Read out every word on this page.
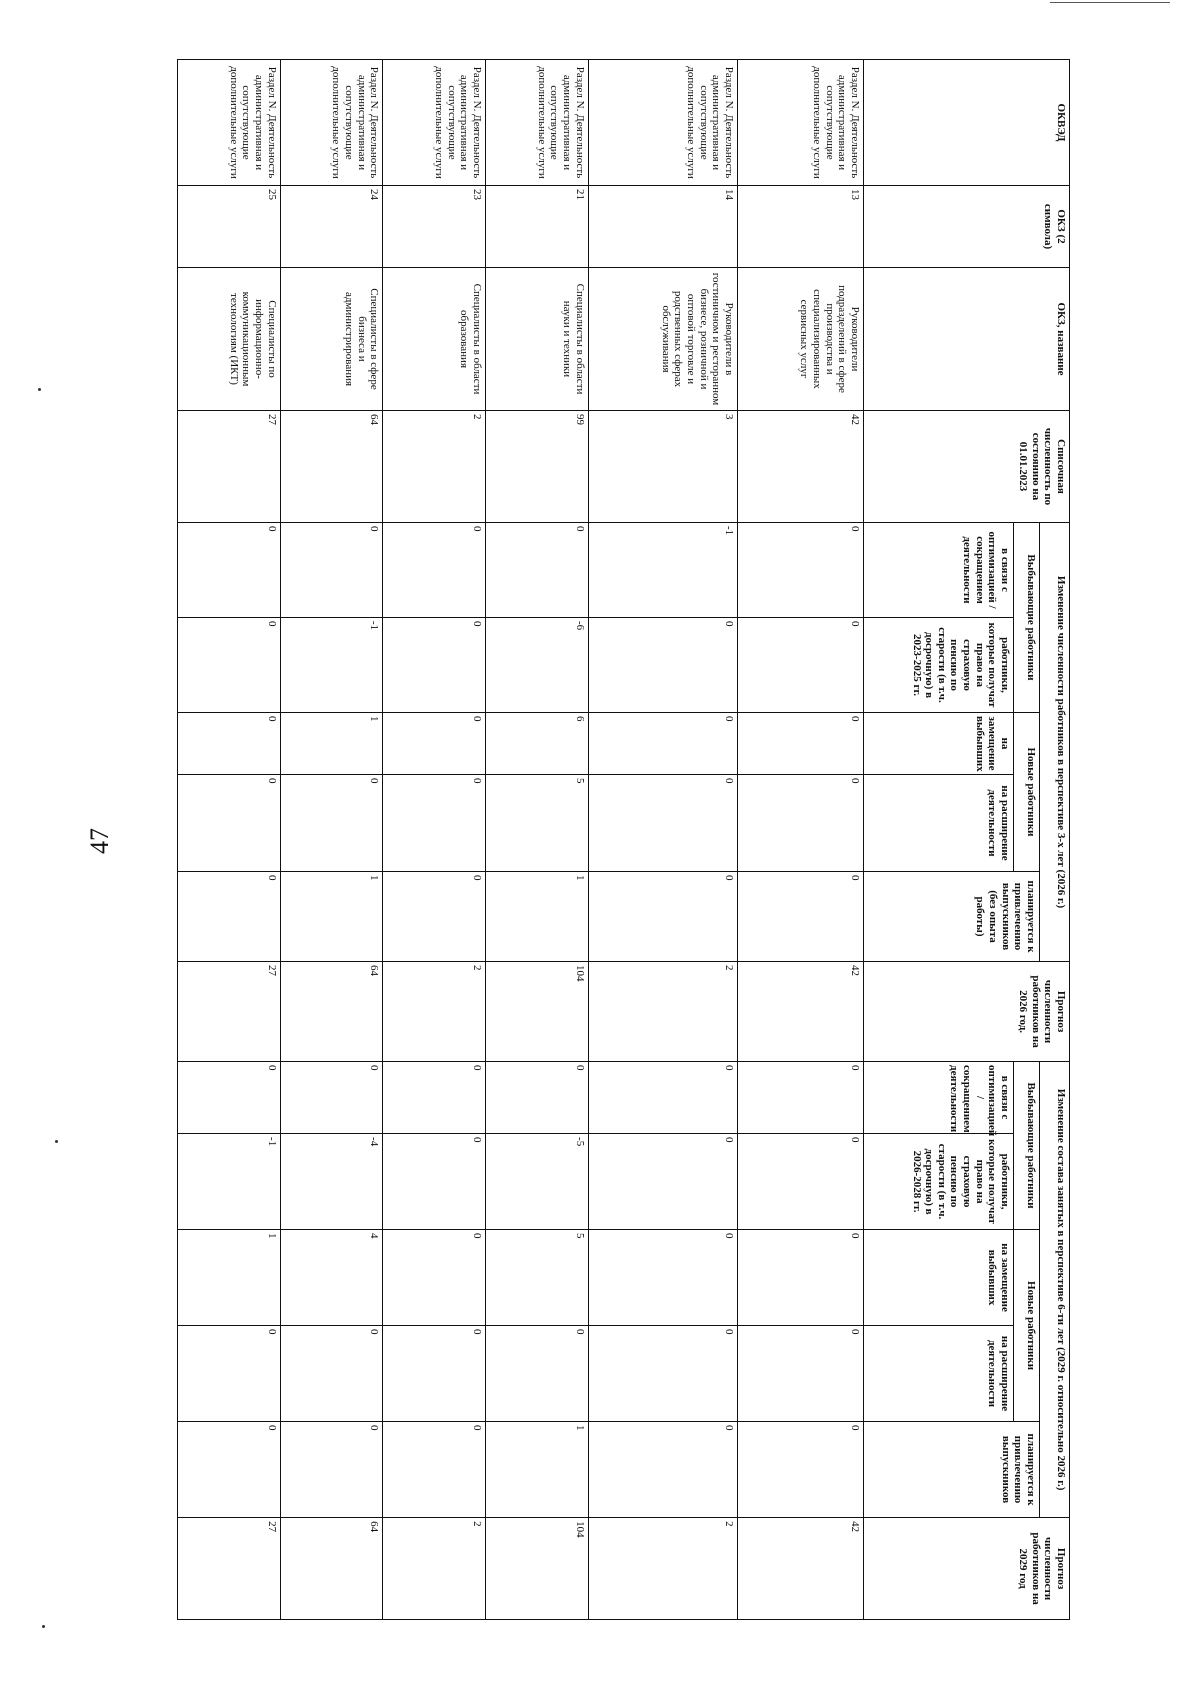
47
ОКВЭД	ОКЗ (2 символа)	ОКЗ, название	Списочная численность по состоянию на 01.01.2023	Изменение численности работников в перспективе 3-х лет (2026 г.)					Прогноз численности работников на 2026 год.	Изменение состава занятых в перспективе 6-ти лет (2029 г. относительно 2026 г.)					Прогноз численности работников на 2029 год
				Выбывающие работники		Новые работники		планируется к привлечению выпускников (без опыта работы)		Выбывающие работники		Новые работники		планируется к привлечению выпускников	
				в связи с оптимизацией / сокращением деятельности	работники, которые получат право на страховую пенсию по старости (в т.ч. досрочную) в 2023-2025 гг.	на замещение выбывших	на расширение деятельности			в связи с оптимизацией / сокращением деятельности	работники, которые получат право на страховую пенсию по старости (в т.ч. досрочную) в 2026-2028 гг.	на замещение выбывших	на расширение деятельности		
Раздел N. Деятельность административная и сопутствующие дополнительные услуги	13	Руководители подразделений в сфере производства и специализированных сервисных услуг	42	0	0	0	0	0	42	0	0	0	0	0	42
Раздел N. Деятельность административная и сопутствующие дополнительные услуги	14	Руководители в гостиничном и ресторанном бизнесе, розничной и оптовой торговле и родственных сферах обслуживания	3	-1	0	0	0	0	2	0	0	0	0	0	2
Раздел N. Деятельность административная и сопутствующие дополнительные услуги	21	Специалисты в области науки и техники	99	0	-6	6	5	1	104	0	-5	5	0	1	104
Раздел N. Деятельность административная и сопутствующие дополнительные услуги	23	Специалисты в области образования	2	0	0	0	0	0	2	0	0	0	0	0	2
Раздел N. Деятельность административная и сопутствующие дополнительные услуги	24	Специалисты в сфере бизнеса и администрирования	64	0	-1	1	0	1	64	0	-4	4	0	0	64
Раздел N. Деятельность административная и сопутствующие дополнительные услуги	25	Специалисты по информационно-коммуникационным технологиям (ИКТ)	27	0	0	0	0	0	27	0	-1	1	0	0	27
